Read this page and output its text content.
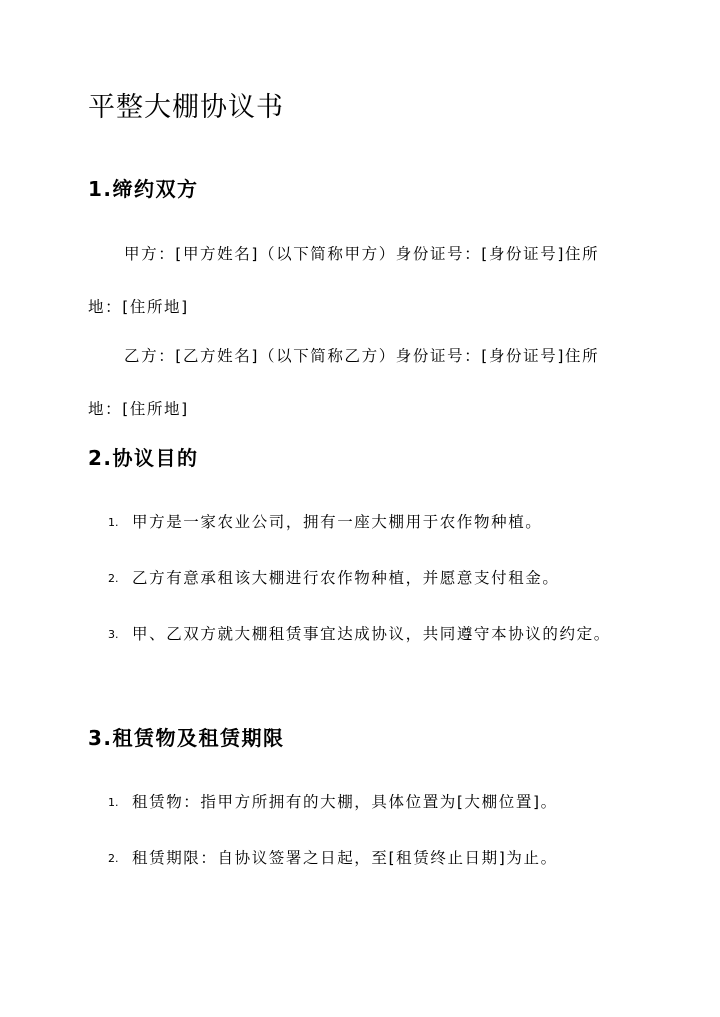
平整大棚协议书
1.缔约双方

甲方：[甲方姓名]（以下简称甲方）身份证号：[身份证号]住所地：[住所地]

乙方：[乙方姓名]（以下简称乙方）身份证号：[身份证号]住所地：[住所地]

2.协议目的
1. 甲方是一家农业公司，拥有一座大棚用于农作物种植。
2. 乙方有意承租该大棚进行农作物种植，并愿意支付租金。
3. 甲、乙双方就大棚租赁事宜达成协议，共同遵守本协议的约定。
3.租赁物及租赁期限
1. 租赁物：指甲方所拥有的大棚，具体位置为[大棚位置]。
2. 租赁期限：自协议签署之日起，至[租赁终止日期]为止。
